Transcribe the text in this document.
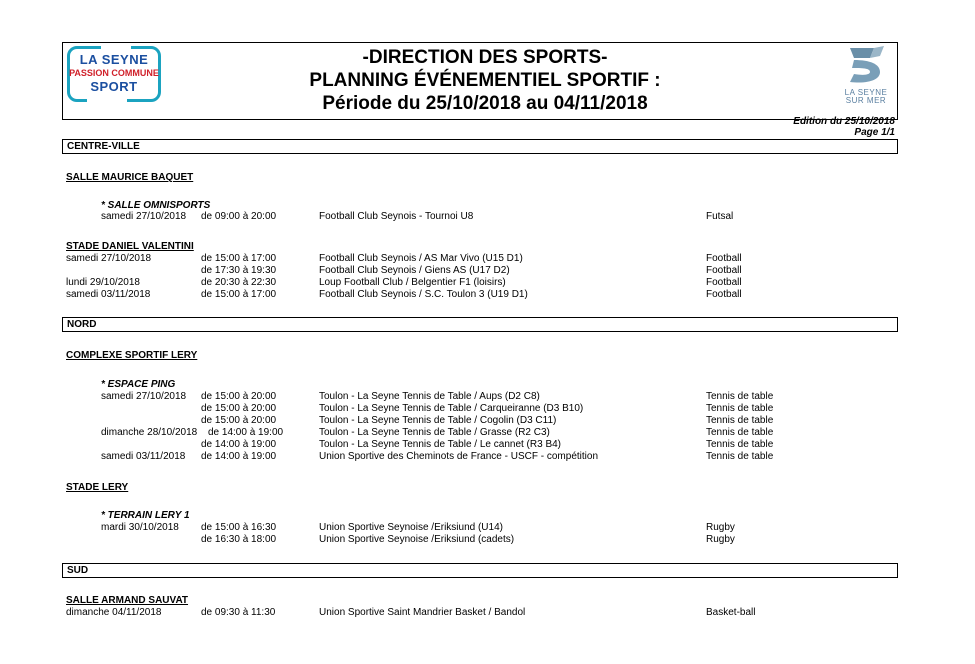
LA SEYNE
PASSION COMMUNE
SPORT
-DIRECTION DES SPORTS-
PLANNING ÉVÉNEMENTIEL SPORTIF :
Période du 25/10/2018 au 04/11/2018
LA SEYNE
SUR MER
Edition du 25/10/2018
Page 1/1
CENTRE-VILLE
SALLE MAURICE BAQUET
* SALLE OMNISPORTS
samedi 27/10/2018 de 09:00 à 20:00	Football Club Seynois - Tournoi U8	Futsal
STADE DANIEL VALENTINI
samedi 27/10/2018	de 15:00 à 17:00	Football Club Seynois / AS Mar Vivo (U15 D1)	Football
de 17:30 à 19:30	Football Club Seynois / Giens AS (U17 D2)	Football
lundi 29/10/2018	de 20:30 à 22:30	Loup Football Club / Belgentier F1 (loisirs)	Football
samedi 03/11/2018	de 15:00 à 17:00	Football Club Seynois / S.C. Toulon 3 (U19 D1)	Football
NORD
COMPLEXE SPORTIF LERY
* ESPACE PING
samedi 27/10/2018 de 15:00 à 20:00	Toulon - La Seyne Tennis de Table / Aups (D2 C8)	Tennis de table
de 15:00 à 20:00	Toulon - La Seyne Tennis de Table / Carqueiranne (D3 B10)	Tennis de table
de 15:00 à 20:00	Toulon - La Seyne Tennis de Table / Cogolin (D3 C11)	Tennis de table
dimanche 28/10/2018 de 14:00 à 19:00	Toulon - La Seyne Tennis de Table / Grasse (R2 C3)	Tennis de table
de 14:00 à 19:00	Toulon - La Seyne Tennis de Table / Le cannet (R3 B4)	Tennis de table
samedi 03/11/2018 de 14:00 à 19:00	Union Sportive des Cheminots de France - USCF - compétition	Tennis de table
STADE LERY
* TERRAIN LERY 1
mardi 30/10/2018 de 15:00 à 16:30	Union Sportive Seynoise /Eriksiund (U14)	Rugby
de 16:30 à 18:00	Union Sportive Seynoise /Eriksiund (cadets)	Rugby
SUD
SALLE ARMAND SAUVAT
dimanche 04/11/2018	de 09:30 à 11:30	Union Sportive Saint Mandrier Basket / Bandol	Basket-ball
